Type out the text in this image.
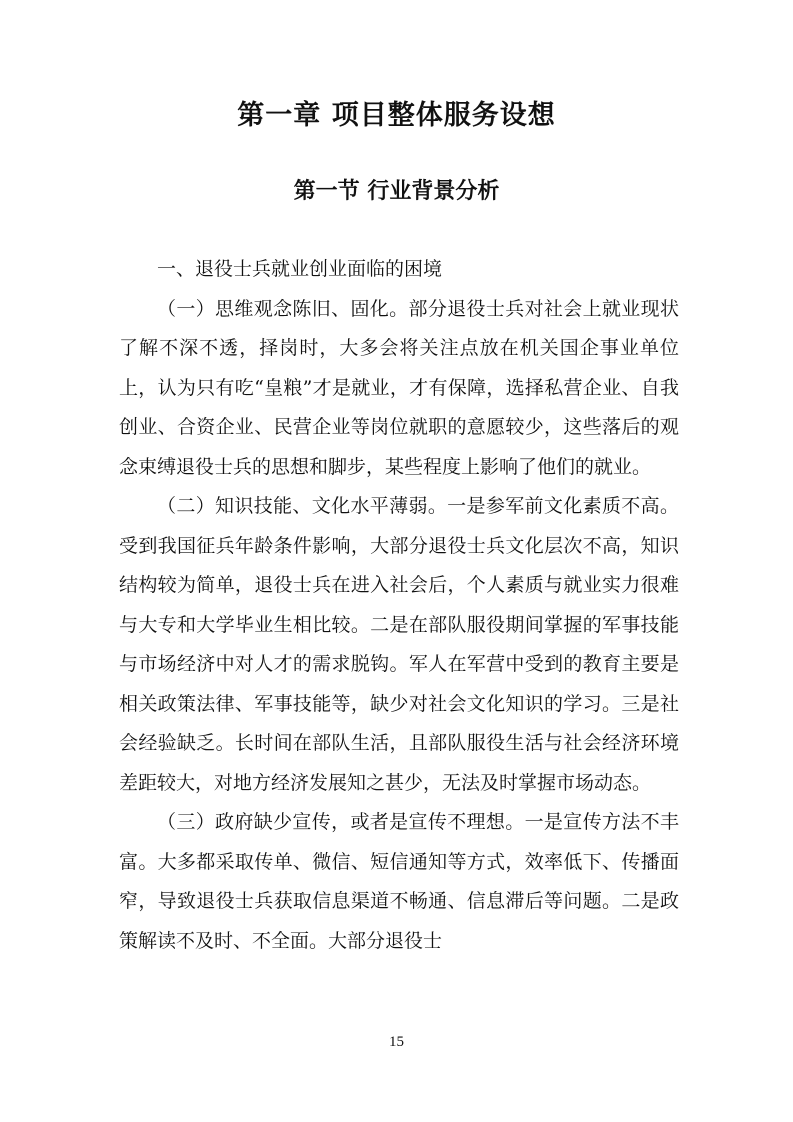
第一章 项目整体服务设想
第一节 行业背景分析

一、退役士兵就业创业面临的困境

（一）思维观念陈旧、固化。部分退役士兵对社会上就业现状了解不深不透，择岗时，大多会将关注点放在机关国企事业单位上，认为只有吃“皇粮”才是就业，才有保障，选择私营企业、自我创业、合资企业、民营企业等岗位就职的意愿较少，这些落后的观念束缚退役士兵的思想和脚步，某些程度上影响了他们的就业。

（二）知识技能、文化水平薄弱。一是参军前文化素质不高。受到我国征兵年龄条件影响，大部分退役士兵文化层次不高，知识结构较为简单，退役士兵在进入社会后，个人素质与就业实力很难与大专和大学毕业生相比较。二是在部队服役期间掌握的军事技能与市场经济中对人才的需求脱钩。军人在军营中受到的教育主要是相关政策法律、军事技能等，缺少对社会文化知识的学习。三是社会经验缺乏。长时间在部队生活，且部队服役生活与社会经济环境差距较大，对地方经济发展知之甚少，无法及时掌握市场动态。

（三）政府缺少宣传，或者是宣传不理想。一是宣传方法不丰富。大多都采取传单、微信、短信通知等方式，效率低下、传播面窄，导致退役士兵获取信息渠道不畅通、信息滞后等问题。二是政策解读不及时、不全面。大部分退役士

15
